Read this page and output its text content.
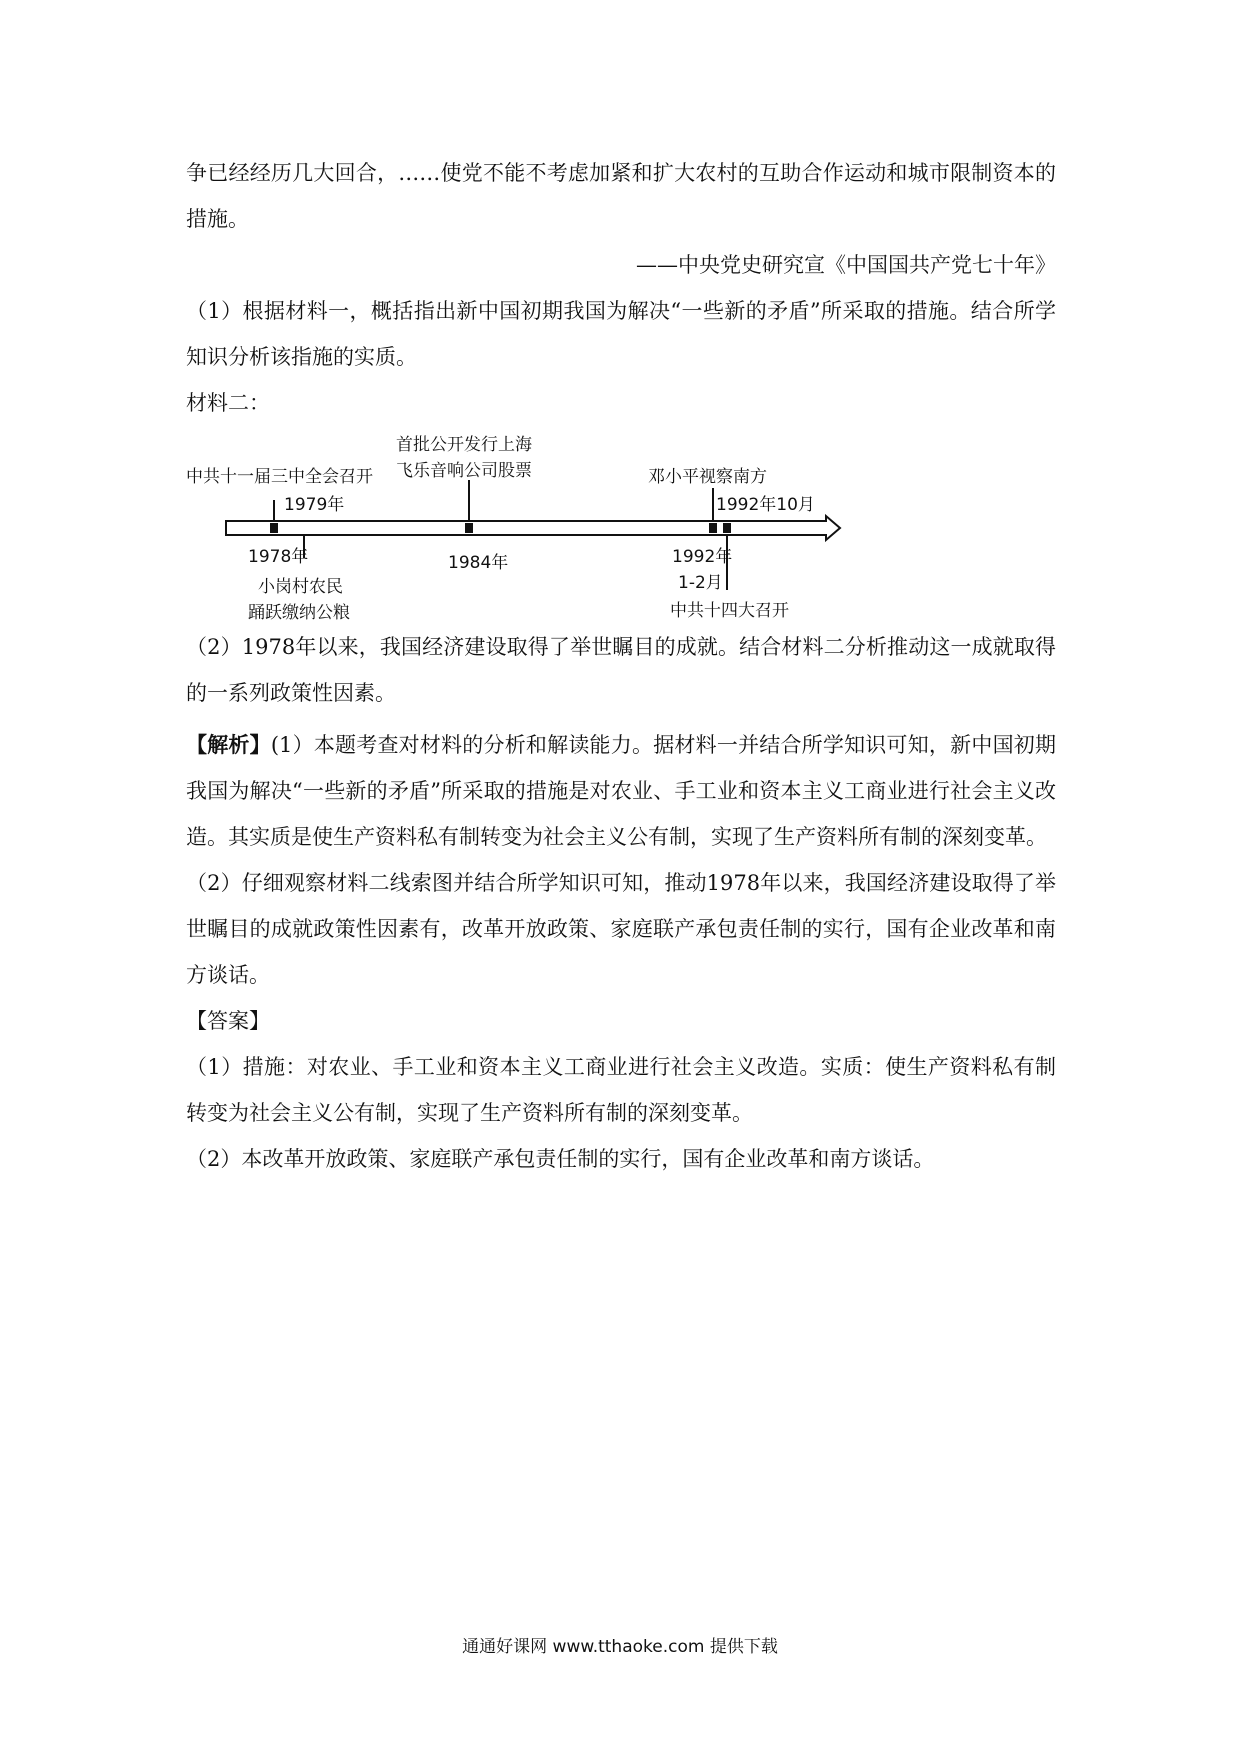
争已经经历几大回合，……使党不能不考虑加紧和扩大农村的互助合作运动和城市限制资本的措施。

——中央党史研究宣《中国国共产党七十年》

（1）根据材料一，概括指出新中国初期我国为解决“一些新的矛盾”所采取的措施。结合所学知识分析该指施的实质。

材料二：

中共十一届三中全会召开
1978年
1979年
小岗村农民
踊跃缴纳公粮
首批公开发行上海
飞乐音响公司股票
1984年
邓小平视察南方
1992年
1-2月
1992年10月
中共十四大召开

（2）1978年以来，我国经济建设取得了举世瞩目的成就。结合材料二分析推动这一成就取得的一系列政策性因素。

【解析】(1）本题考查对材料的分析和解读能力。据材料一并结合所学知识可知，新中国初期我国为解决“一些新的矛盾”所采取的措施是对农业、手工业和资本主义工商业进行社会主义改造。其实质是使生产资料私有制转变为社会主义公有制，实现了生产资料所有制的深刻变革。

（2）仔细观察材料二线索图并结合所学知识可知，推动1978年以来，我国经济建设取得了举世瞩目的成就政策性因素有，改革开放政策、家庭联产承包责任制的实行，国有企业改革和南方谈话。

【答案】

（1）措施：对农业、手工业和资本主义工商业进行社会主义改造。实质：使生产资料私有制转变为社会主义公有制，实现了生产资料所有制的深刻变革。

（2）本改革开放政策、家庭联产承包责任制的实行，国有企业改革和南方谈话。

通通好课网 www.tthaoke.com 提供下载
